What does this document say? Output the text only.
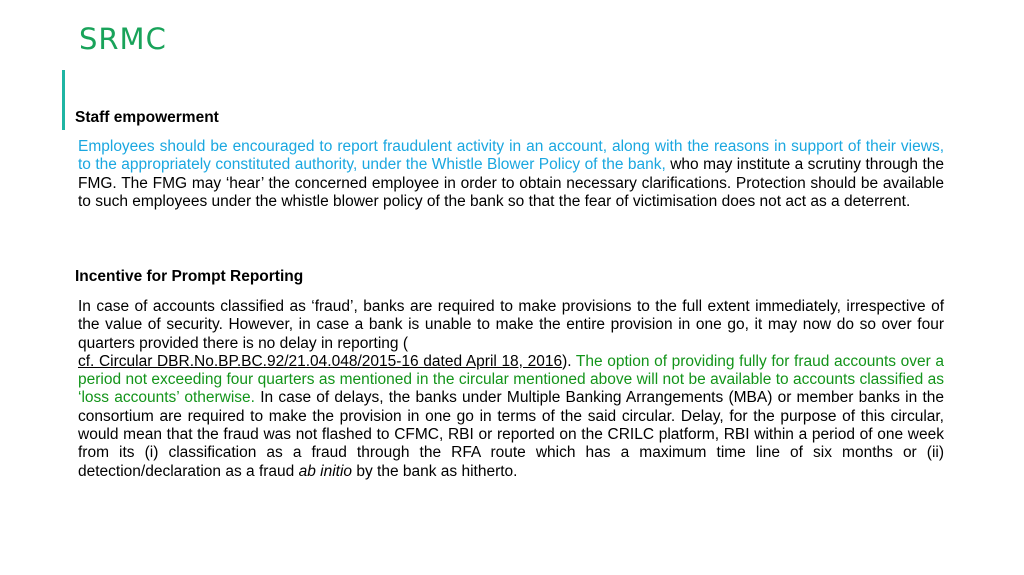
SRMC

Staff empowerment

Employees should be encouraged to report fraudulent activity in an account, along with the reasons in support of their views, to the appropriately constituted authority, under the Whistle Blower Policy of the bank, who may institute a scrutiny through the FMG. The FMG may ‘hear’ the concerned employee in order to obtain necessary clarifications. Protection should be available to such employees under the whistle blower policy of the bank so that the fear of victimisation does not act as a deterrent.

Incentive for Prompt Reporting

In case of accounts classified as ‘fraud’, banks are required to make provisions to the full extent immediately, irrespective of the value of security. However, in case a bank is unable to make the entire provision in one go, it may now do so over four quarters provided there is no delay in reporting (
cf. Circular DBR.No.BP.BC.92/21.04.048/2015-16 dated April 18, 2016). The option of providing fully for fraud accounts over a period not exceeding four quarters as mentioned in the circular mentioned above will not be available to accounts classified as ‘loss accounts’ otherwise. In case of delays, the banks under Multiple Banking Arrangements (MBA) or member banks in the consortium are required to make the provision in one go in terms of the said circular. Delay, for the purpose of this circular, would mean that the fraud was not flashed to CFMC, RBI or reported on the CRILC platform, RBI within a period of one week from its (i) classification as a fraud through the RFA route which has a maximum time line of six months or (ii) detection/declaration as a fraud ab initio by the bank as hitherto.
